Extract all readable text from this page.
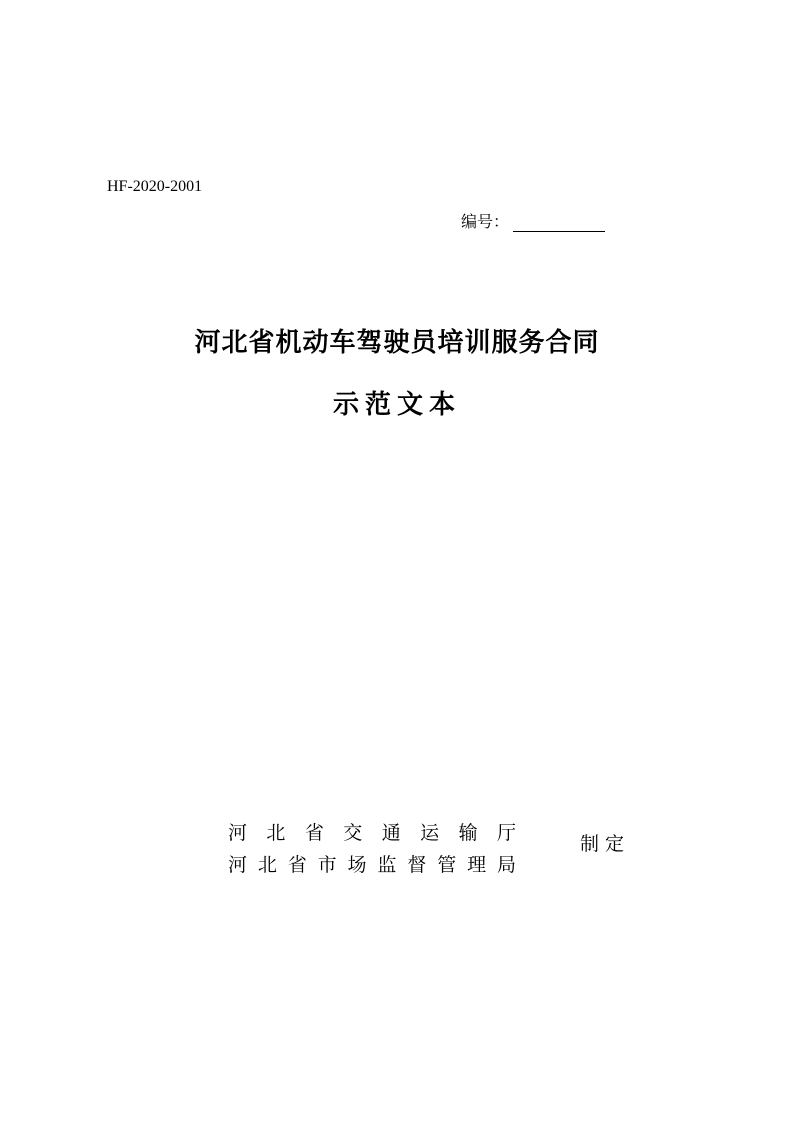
HF-2020-2001
编号：
河北省机动车驾驶员培训服务合同
示范文本
河 北 省 交 通 运 输 厅
河北省市场监督管理局
制定
